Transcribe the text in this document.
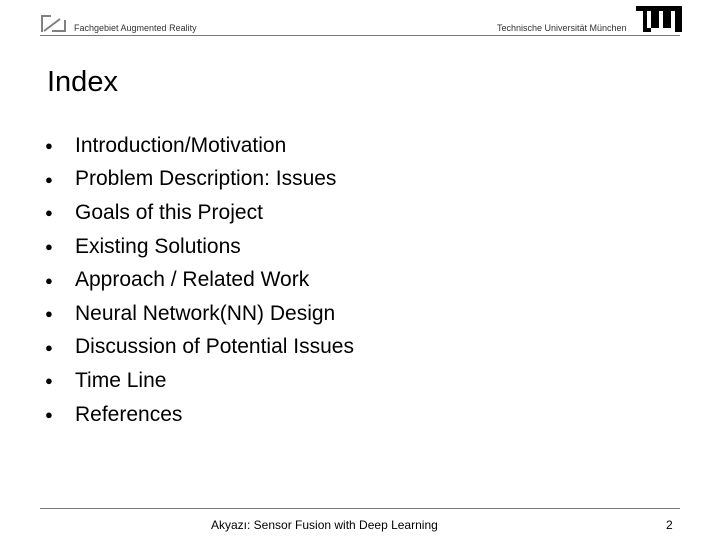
Fachgebiet Augmented Reality	Technische Universität München
Index
●	Introduction/Motivation
●	Problem Description: Issues
●	Goals of this Project
●	Existing Solutions
●	Approach / Related Work
●	Neural Network(NN) Design
●	Discussion of Potential Issues
●	Time Line
●	References
Akyazı: Sensor Fusion with Deep Learning	2
